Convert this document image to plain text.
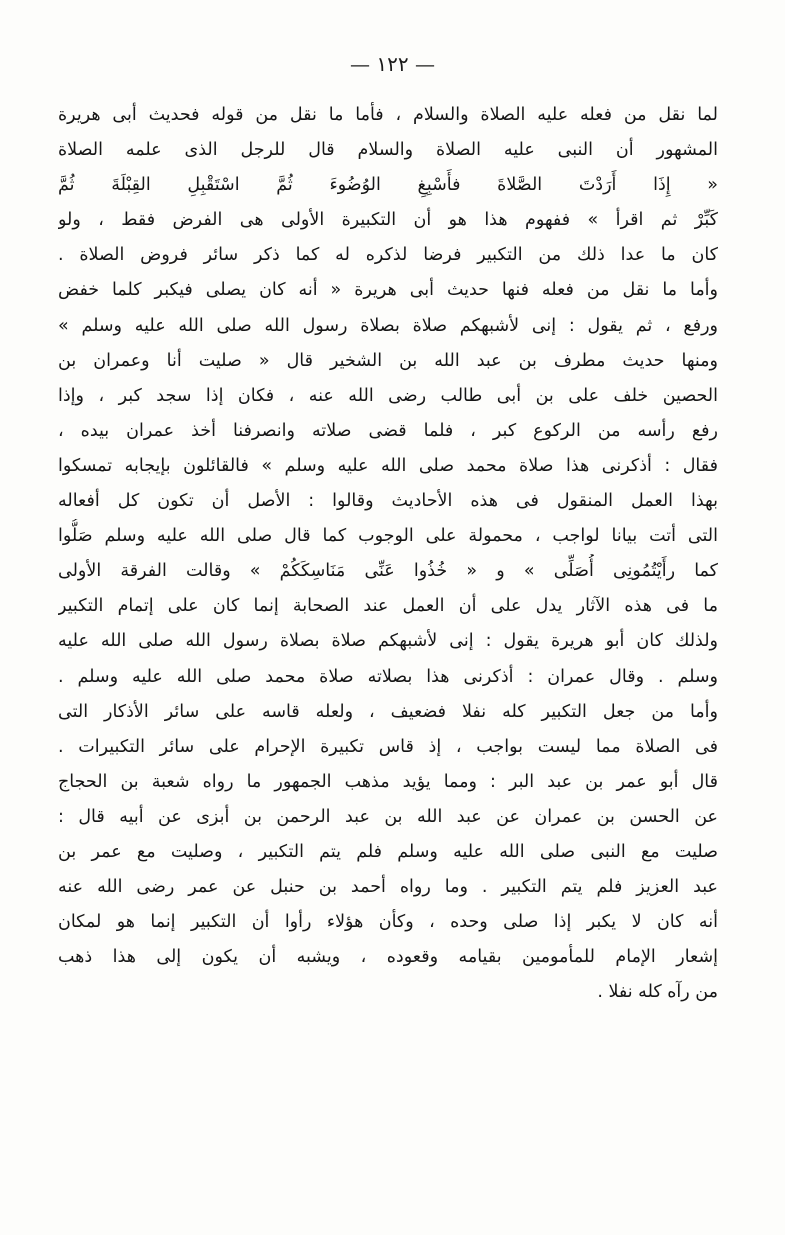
— ١٢٢ —
لما نقل من فعله عليه الصلاة والسلام ، فأما ما نقل من قوله فحديث أبى هريرة
المشهور أن النبى عليه الصلاة والسلام قال للرجل الذى علمه الصلاة
« إِذَا أَرَدْتَ الصَّلاةَ فأَسْبِغِ الوُضُوءَ ثُمَّ اسْتَقْبِلِ القِبْلَةَ ثُمَّ
كَبِّرْ ثم اقرأ » ففهوم هذا هو أن التكبيرة الأولى هى الفرض فقط ، ولو
كان ما عدا ذلك من التكبير فرضا لذكره له كما ذكر سائر فروض الصلاة .
وأما ما نقل من فعله فنها حديث أبى هريرة « أنه كان يصلى فيكبر كلما خفض
ورفع ، ثم يقول : إنى لأشبهكم صلاة بصلاة رسول الله صلى الله عليه وسلم »
ومنها حديث مطرف بن عبد الله بن الشخير قال « صليت أنا وعمران بن
الحصين خلف على بن أبى طالب رضى الله عنه ، فكان إذا سجد كبر ، وإذا
رفع رأسه من الركوع كبر ، فلما قضى صلاته وانصرفنا أخذ عمران بيده ،
فقال : أذكرنى هذا صلاة محمد صلى الله عليه وسلم » فالقائلون بإيجابه تمسكوا
بهذا العمل المنقول فى هذه الأحاديث وقالوا : الأصل أن تكون كل أفعاله
التى أتت بيانا لواجب ، محمولة على الوجوب كما قال صلى الله عليه وسلم صَلُّوا
كما رأَيْتُمُونِى أُصَلِّى » و « خُذُوا عَنِّى مَنَاسِكَكُمْ » وقالت الفرقة الأولى
ما فى هذه الآثار يدل على أن العمل عند الصحابة إنما كان على إتمام التكبير
ولذلك كان أبو هريرة يقول : إنى لأشبهكم صلاة بصلاة رسول الله صلى الله عليه
وسلم . وقال عمران : أذكرنى هذا بصلاته صلاة محمد صلى الله عليه وسلم .
وأما من جعل التكبير كله نفلا فضعيف ، ولعله قاسه على سائر الأذكار التى
فى الصلاة مما ليست بواجب ، إذ قاس تكبيرة الإحرام على سائر التكبيرات .
قال أبو عمر بن عبد البر : ومما يؤيد مذهب الجمهور ما رواه شعبة بن الحجاج
عن الحسن بن عمران عن عبد الله بن عبد الرحمن بن أبزى عن أبيه قال :
صليت مع النبى صلى الله عليه وسلم فلم يتم التكبير ، وصليت مع عمر بن
عبد العزيز فلم يتم التكبير . وما رواه أحمد بن حنبل عن عمر رضى الله عنه
أنه كان لا يكبر إذا صلى وحده ، وكأن هؤلاء رأوا أن التكبير إنما هو لمكان
إشعار الإمام للمأمومين بقيامه وقعوده ، ويشبه أن يكون إلى هذا ذهب
من رآه كله نفلا .
